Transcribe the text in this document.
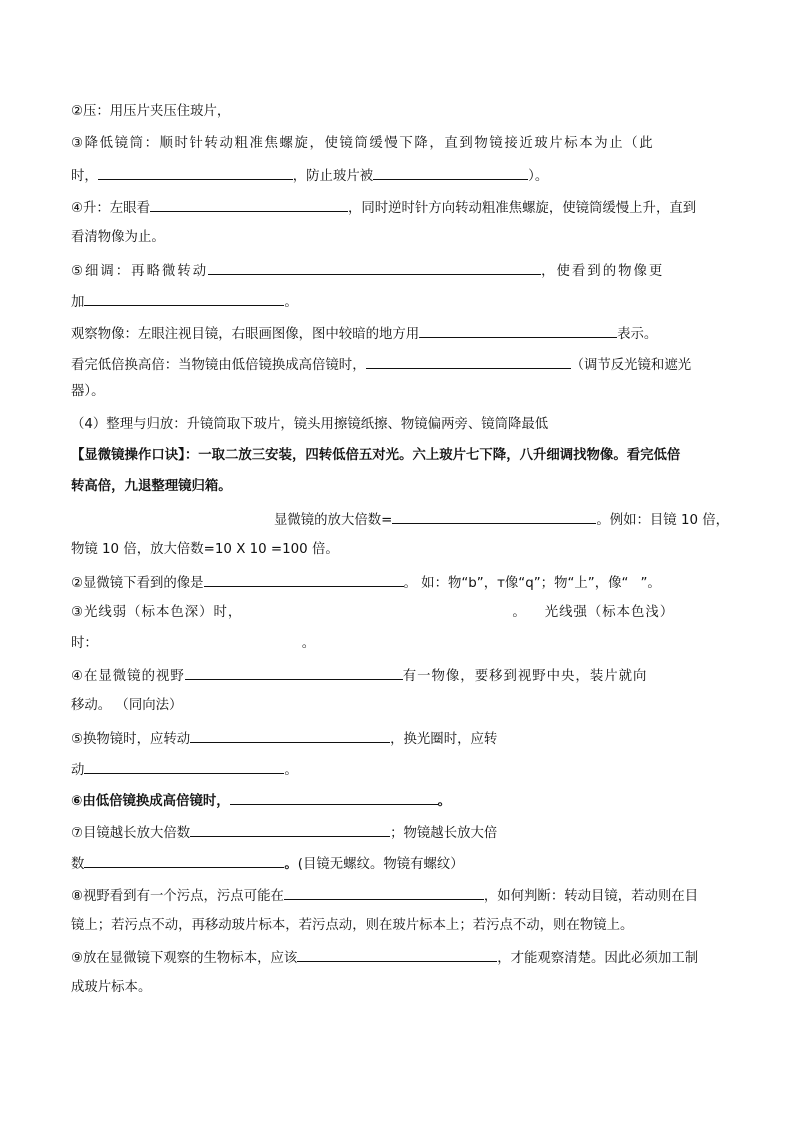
②压：用压片夹压住玻片，
③降低镜筒：顺时针转动粗准焦螺旋，使镜筒缓慢下降，直到物镜接近玻片标本为止（此
时，	，防止玻片被	）。
④升：左眼看	，同时逆时针方向转动粗准焦螺旋，使镜筒缓慢上升，直到
看清物像为止。
⑤细调：再略微转动	，使看到的物像更
加	。
观察物像：左眼注视目镜，右眼画图像，图中较暗的地方用	表示。
看完低倍换高倍：当物镜由低倍镜换成高倍镜时，	（调节反光镜和遮光
器）。
（4）整理与归放：升镜筒取下玻片，镜头用擦镜纸擦、物镜偏两旁、镜筒降最低
【显微镜操作口诀】：一取二放三安装，四转低倍五对光。六上玻片七下降，八升细调找物像。看完低倍
转高倍，九退整理镜归箱。
显微镜的放大倍数=	。例如：目镜 10 倍，
物镜 10 倍，放大倍数=10 X 10 =100 倍。
②显微镜下看到的像是	。 如：物“b”，т像“q”；物“上”，像“ ”。
③光线弱（标本色深）时，	。 光线强（标本色浅）
时：	。
④在显微镜的视野	有一物像，要移到视野中央，装片就向
移动。 （同向法）
⑤换物镜时，应转动	，换光圈时，应转
动	。
⑥由低倍镜换成高倍镜时，	。
⑦目镜越长放大倍数	；物镜越长放大倍
数	。(目镜无螺纹。物镜有螺纹）
⑧视野看到有一个污点，污点可能在	，如何判断：转动目镜，若动则在目
镜上；若污点不动，再移动玻片标本，若污点动，则在玻片标本上；若污点不动，则在物镜上。
⑨放在显微镜下观察的生物标本，应该	，才能观察清楚。因此必须加工制
成玻片标本。
